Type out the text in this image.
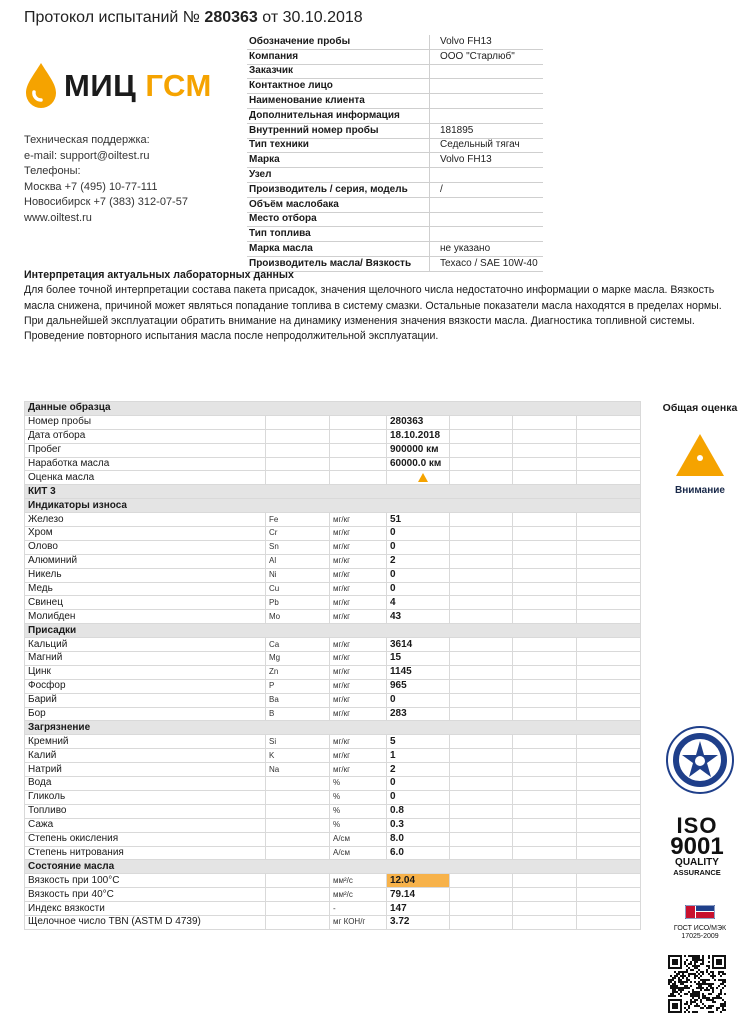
Протокол испытаний № 280363 от 30.10.2018
МИЦ ГСМ
Техническая поддержка:
e-mail: support@oiltest.ru
Телефоны:
Москва +7 (495) 10-77-111
Новосибирск +7 (383) 312-07-57
www.oiltest.ru
Обозначение пробы	Volvo FH13
Компания	ООО "Старлюб"
Заказчик	
Контактное лицо	
Наименование клиента	
Дополнительная информация	
Внутренний номер пробы	181895
Тип техники	Седельный тягач
Марка	Volvo FH13
Узел	
Производитель / серия, модель	/
Объём маслобака	
Место отбора	
Тип топлива	
Марка масла	не указано
Производитель масла/ Вязкость	Texaco / SAE 10W-40
Интерпретация актуальных лабораторных данных
Для более точной интерпретации состава пакета присадок, значения щелочного числа недостаточно информации о марке масла. Вязкость масла снижена, причиной может являться попадание топлива в систему смазки. Остальные показатели масла находятся в пределах нормы. При дальнейшей эксплуатации обратить внимание на динамику изменения значения вязкости масла. Диагностика топливной системы. Проведение повторного испытания масла после непродолжительной эксплуатации.
Данные образца						
Номер пробы			280363			
Дата отбора			18.10.2018			
Пробег			900000 км			
Наработка масла			60000.0 км			
Оценка масла						
КИТ 3						
Индикаторы износа						
Железо	Fe	мг/кг	51			
Хром	Cr	мг/кг	0			
Олово	Sn	мг/кг	0			
Алюминий	Al	мг/кг	2			
Никель	Ni	мг/кг	0			
Медь	Cu	мг/кг	0			
Свинец	Pb	мг/кг	4			
Молибден	Mo	мг/кг	43			
Присадки						
Кальций	Ca	мг/кг	3614			
Магний	Mg	мг/кг	15			
Цинк	Zn	мг/кг	1145			
Фосфор	P	мг/кг	965			
Барий	Ba	мг/кг	0			
Бор	B	мг/кг	283			
Загрязнение						
Кремний	Si	мг/кг	5			
Калий	K	мг/кг	1			
Натрий	Na	мг/кг	2			
Вода		%	0			
Гликоль		%	0			
Топливо		%	0.8			
Сажа		%	0.3			
Степень окисления		A/см	8.0			
Степень нитрования		A/см	6.0			
Состояние масла						
Вязкость при 100°C		мм²/с	12.04			
Вязкость при 40°C		мм²/с	79.14			
Индекс вязкости		-	147			
Щелочное число TBN (ASTM D 4739)		мг КОН/г	3.72			
Общая оценка
Внимание
ISO
9001
QUALITY
ASSURANCE
ГОСТ ИСО/МЭК
17025-2009
